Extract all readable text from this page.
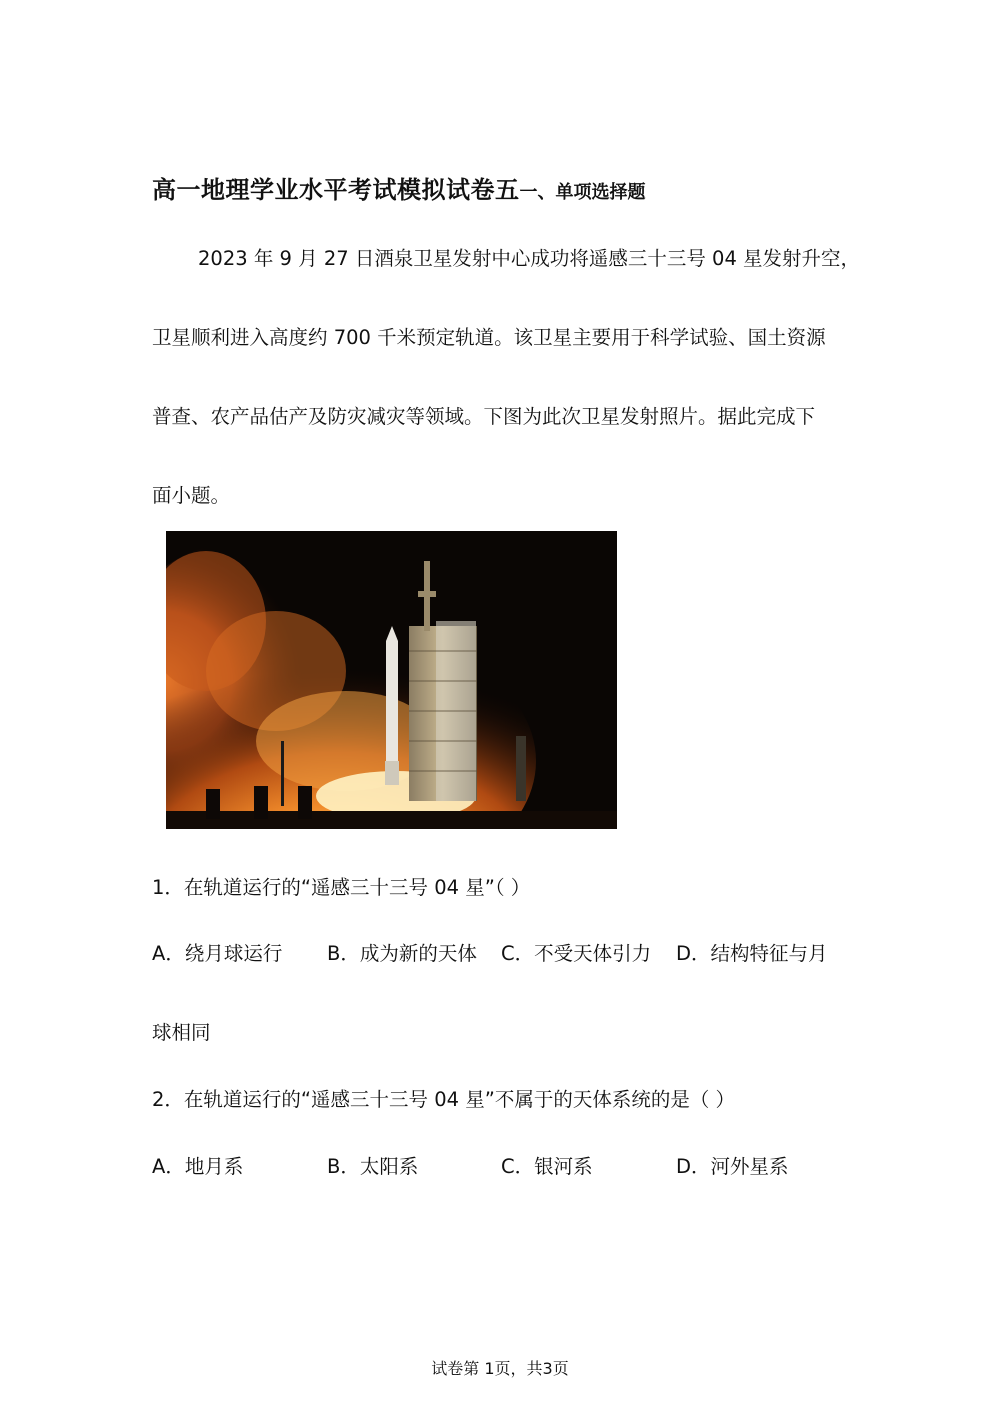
高一地理学业水平考试模拟试卷五一、单项选择题
2023 年 9 月 27 日酒泉卫星发射中心成功将遥感三十三号 04 星发射升空，
卫星顺利进入高度约 700 千米预定轨道。该卫星主要用于科学试验、国土资源
普查、农产品估产及防灾减灾等领域。下图为此次卫星发射照片。据此完成下
面小题。
1．在轨道运行的“遥感三十三号 04 星”（ ）
A．绕月球运行 B．成为新的天体 C．不受天体引力 D．结构特征与月
球相同
2．在轨道运行的“遥感三十三号 04 星”不属于的天体系统的是（ ）
A．地月系	B．太阳系	C．银河系	D．河外星系
试卷第 1页，共3页
